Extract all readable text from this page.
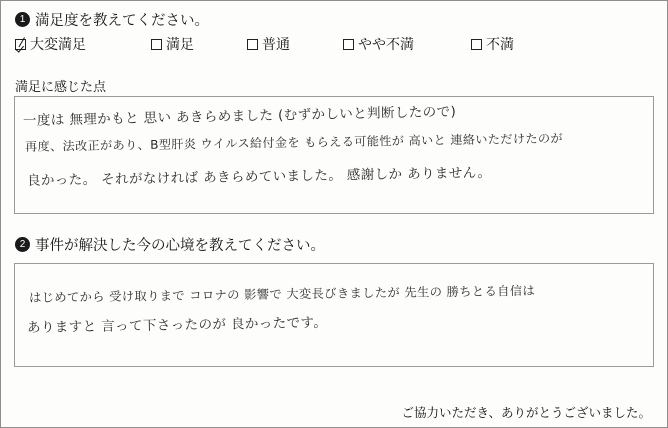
1 満足度を教えてください。
大変満足	満足	普通	やや不満	不満
満足に感じた点
一度は 無理かもと 思い あきらめました (むずかしいと判断したので)
再度、法改正があり、B型肝炎 ウイルス給付金を もらえる可能性が 高いと 連絡いただけたのが
良かった。 それがなければ あきらめていました。 感謝しか ありません。
2 事件が解決した今の心境を教えてください。
はじめてから 受け取りまで コロナの 影響で 大変長びきましたが 先生の 勝ちとる自信は
ありますと 言って下さったのが 良かったです。
ご協力いただき、ありがとうございました。
